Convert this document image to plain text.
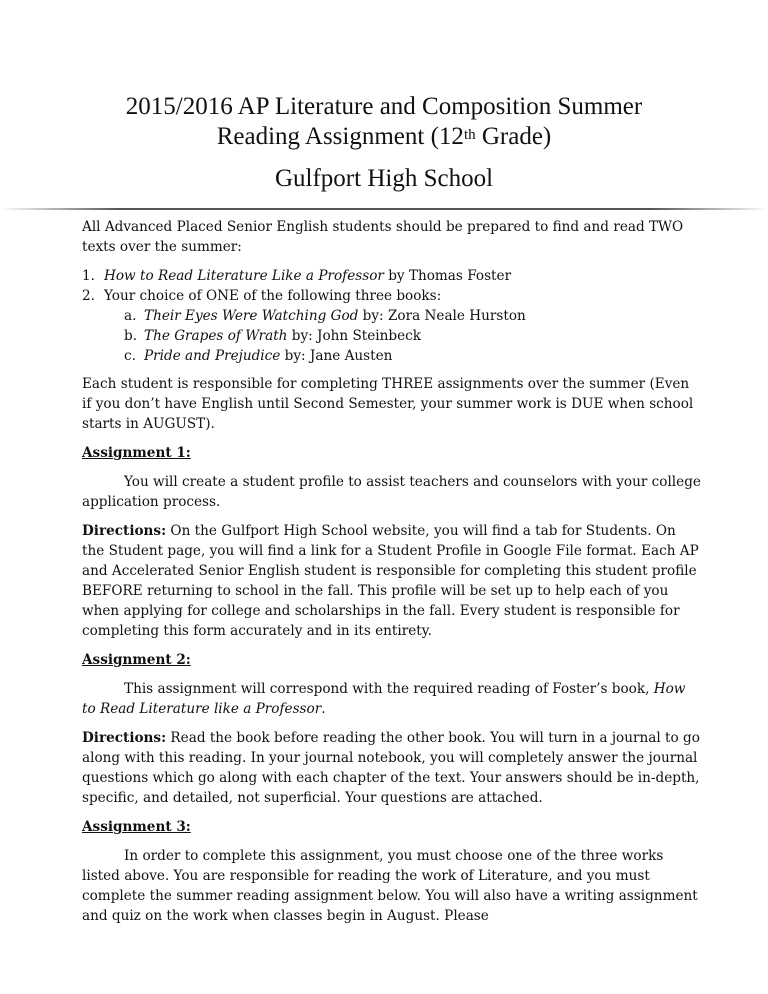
2015/2016 AP Literature and Composition Summer
Reading Assignment (12th Grade)
Gulfport High School

All Advanced Placed Senior English students should be prepared to find and read TWO texts over the summer:

1. How to Read Literature Like a Professor by Thomas Foster
2. Your choice of ONE of the following three books:
a. Their Eyes Were Watching God by: Zora Neale Hurston
b. The Grapes of Wrath by: John Steinbeck
c. Pride and Prejudice by: Jane Austen

Each student is responsible for completing THREE assignments over the summer (Even if you don’t have English until Second Semester, your summer work is DUE when school starts in AUGUST).

Assignment 1:

You will create a student profile to assist teachers and counselors with your college application process.

Directions: On the Gulfport High School website, you will find a tab for Students. On the Student page, you will find a link for a Student Profile in Google File format. Each AP and Accelerated Senior English student is responsible for completing this student profile BEFORE returning to school in the fall. This profile will be set up to help each of you when applying for college and scholarships in the fall. Every student is responsible for completing this form accurately and in its entirety.

Assignment 2:

This assignment will correspond with the required reading of Foster’s book, How to Read Literature like a Professor.

Directions: Read the book before reading the other book. You will turn in a journal to go along with this reading. In your journal notebook, you will completely answer the journal questions which go along with each chapter of the text. Your answers should be in-depth, specific, and detailed, not superficial. Your questions are attached.

Assignment 3:

In order to complete this assignment, you must choose one of the three works listed above. You are responsible for reading the work of Literature, and you must complete the summer reading assignment below. You will also have a writing assignment and quiz on the work when classes begin in August. Please
